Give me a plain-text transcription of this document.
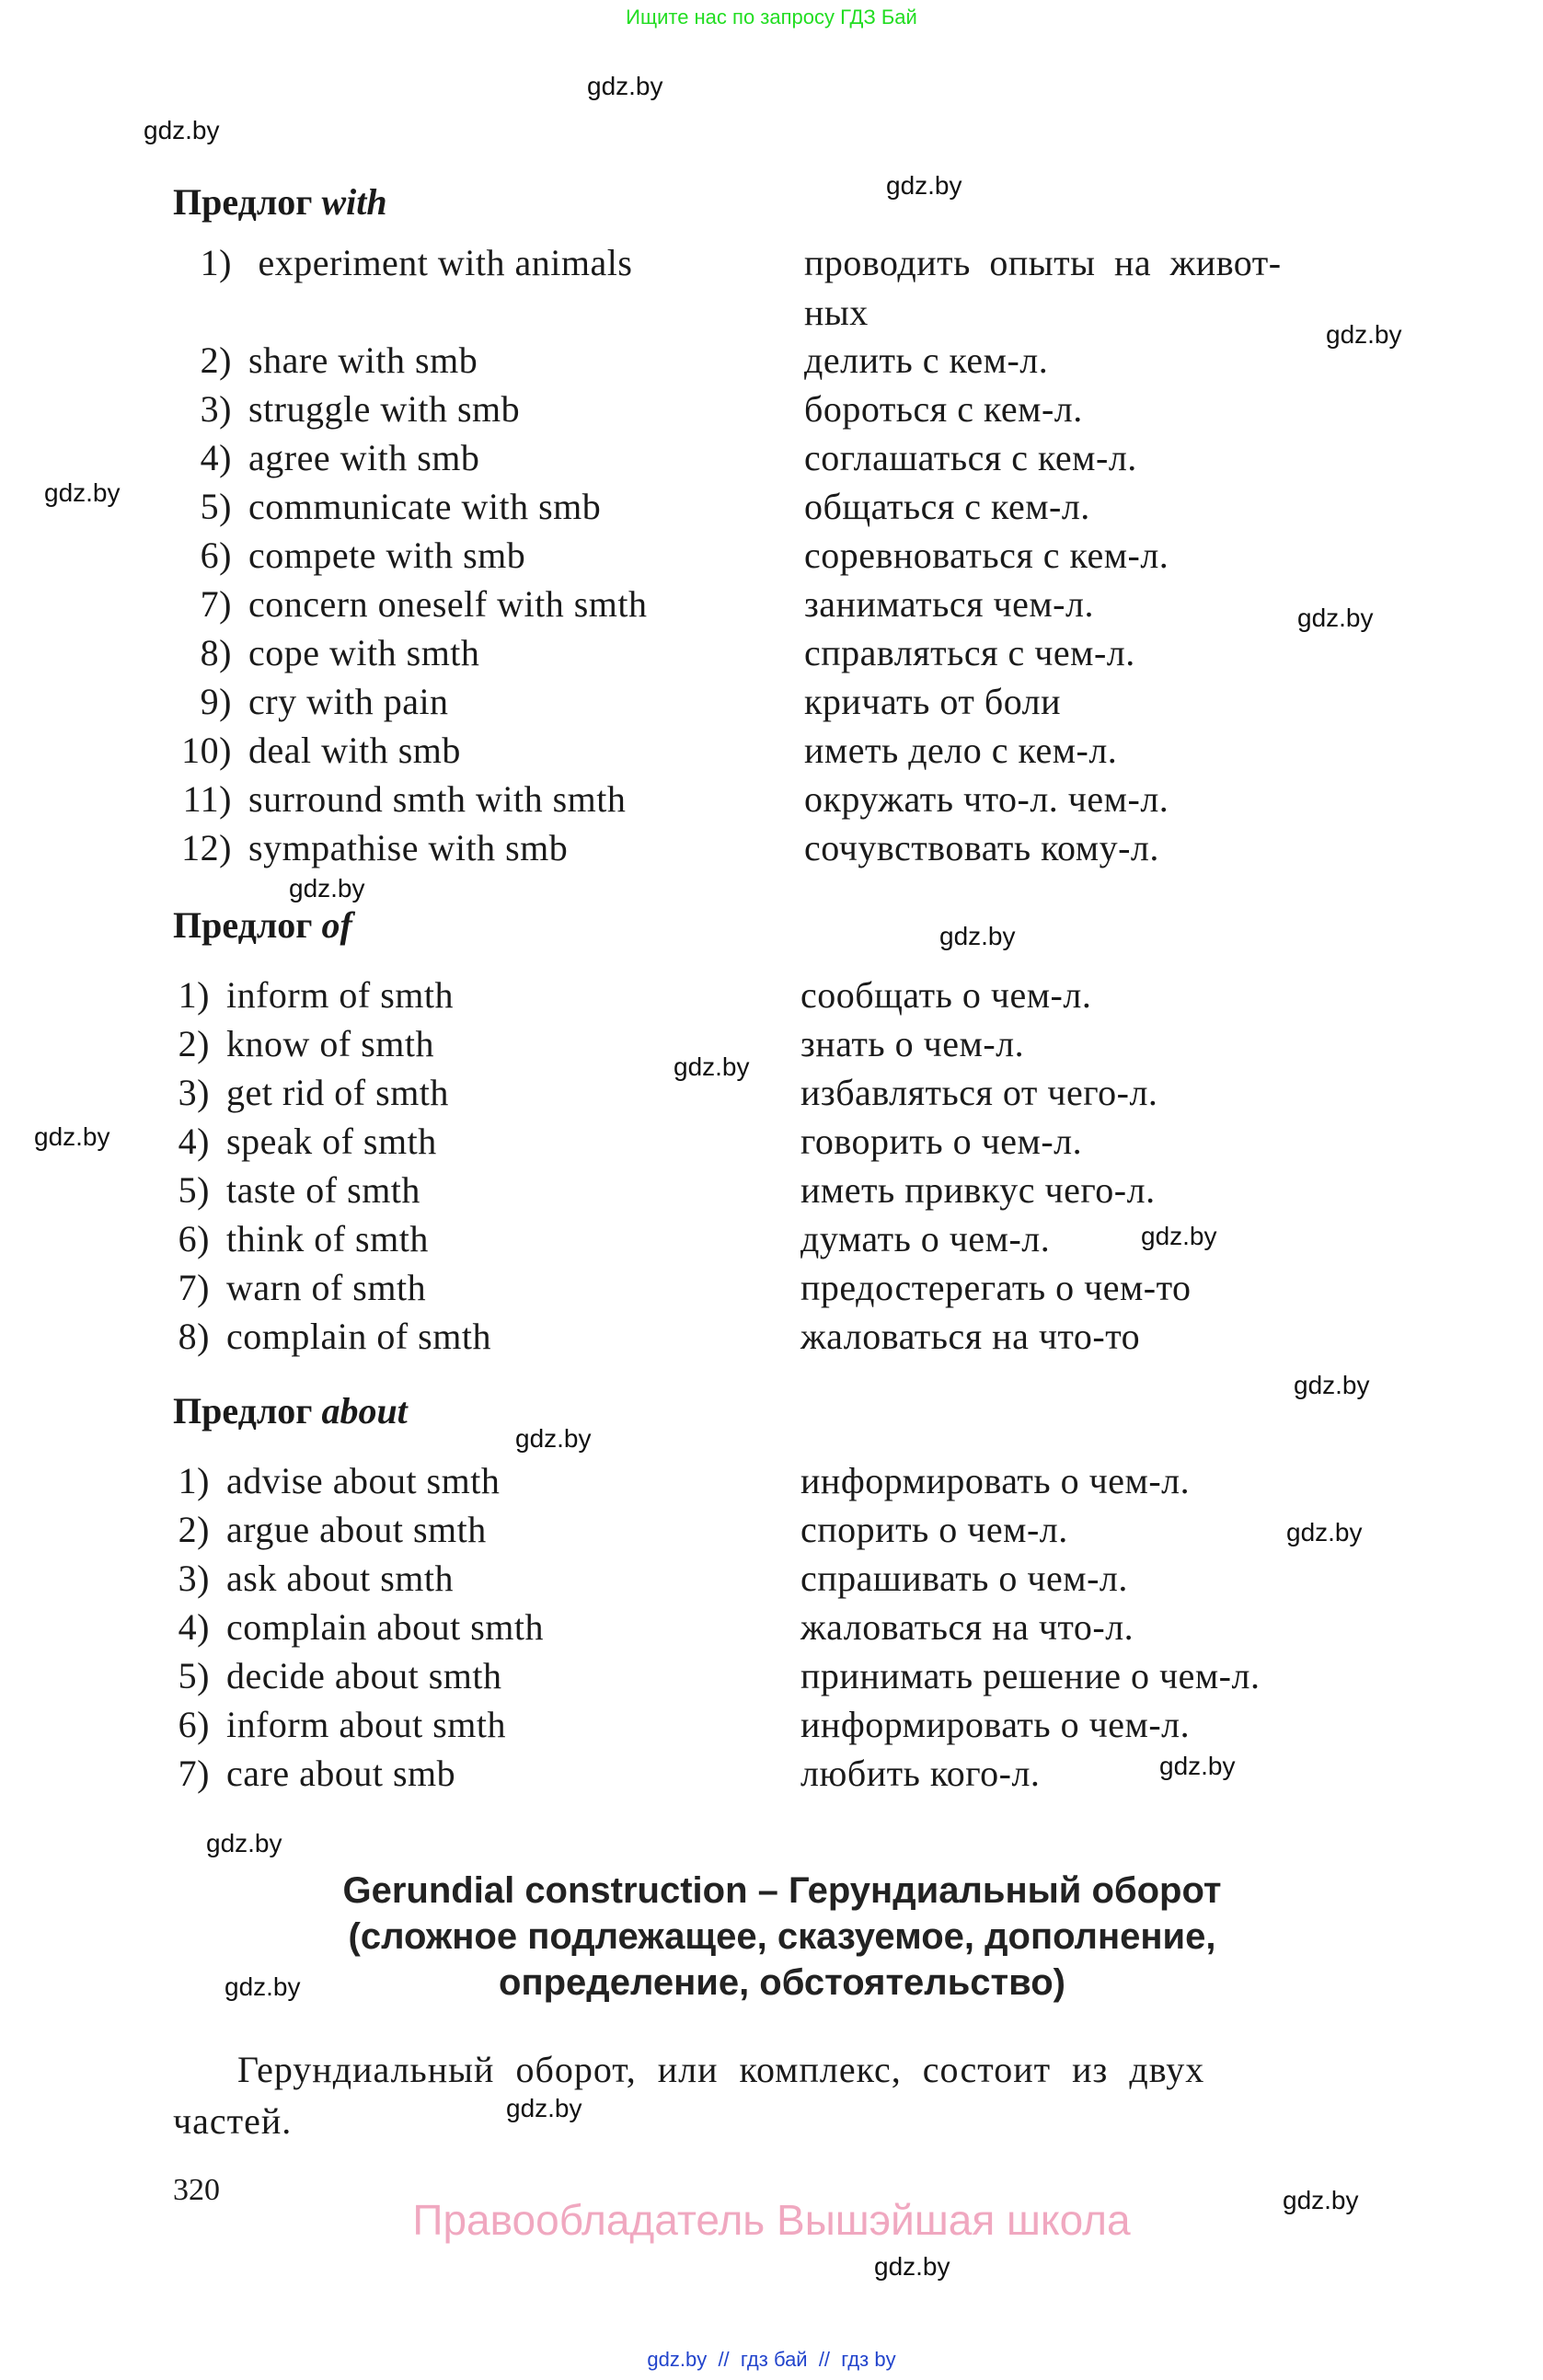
Ищите нас по запросу ГДЗ Бай
gdz.by
gdz.by
gdz.by
gdz.by
gdz.by
gdz.by
gdz.by
gdz.by
gdz.by
gdz.by
gdz.by
gdz.by
gdz.by
gdz.by
gdz.by
gdz.by
gdz.by
gdz.by
gdz.by
gdz.by
Предлог with
1) experiment with animals	проводить опыты на живот-
ных
2) share with smb	делить с кем-л.
3) struggle with smb	бороться с кем-л.
4) agree with smb	соглашаться с кем-л.
5) communicate with smb	общаться с кем-л.
6) compete with smb	соревноваться с кем-л.
7) concern oneself with smth	заниматься чем-л.
8) cope with smth	справляться с чем-л.
9) cry with pain	кричать от боли
10) deal with smb	иметь дело с кем-л.
11) surround smth with smth	окружать что-л. чем-л.
12) sympathise with smb	сочувствовать кому-л.
Предлог of
1) inform of smth	сообщать о чем-л.
2) know of smth	знать о чем-л.
3) get rid of smth	избавляться от чего-л.
4) speak of smth	говорить о чем-л.
5) taste of smth	иметь привкус чего-л.
6) think of smth	думать о чем-л.
7) warn of smth	предостерегать о чем-то
8) complain of smth	жаловаться на что-то
Предлог about
1) advise about smth	информировать о чем-л.
2) argue about smth	спорить о чем-л.
3) ask about smth	спрашивать о чем-л.
4) complain about smth	жаловаться на что-л.
5) decide about smth	принимать решение о чем-л.
6) inform about smth	информировать о чем-л.
7) care about smb	любить кого-л.
Gerundial construction – Герундиальный оборот
(сложное подлежащее, сказуемое, дополнение,
определение, обстоятельство)
Герундиальный оборот, или комплекс, состоит из двух
частей.
320
Правообладатель Вышэйшая школа
gdz.by  //  гдз бай  //  гдз by
